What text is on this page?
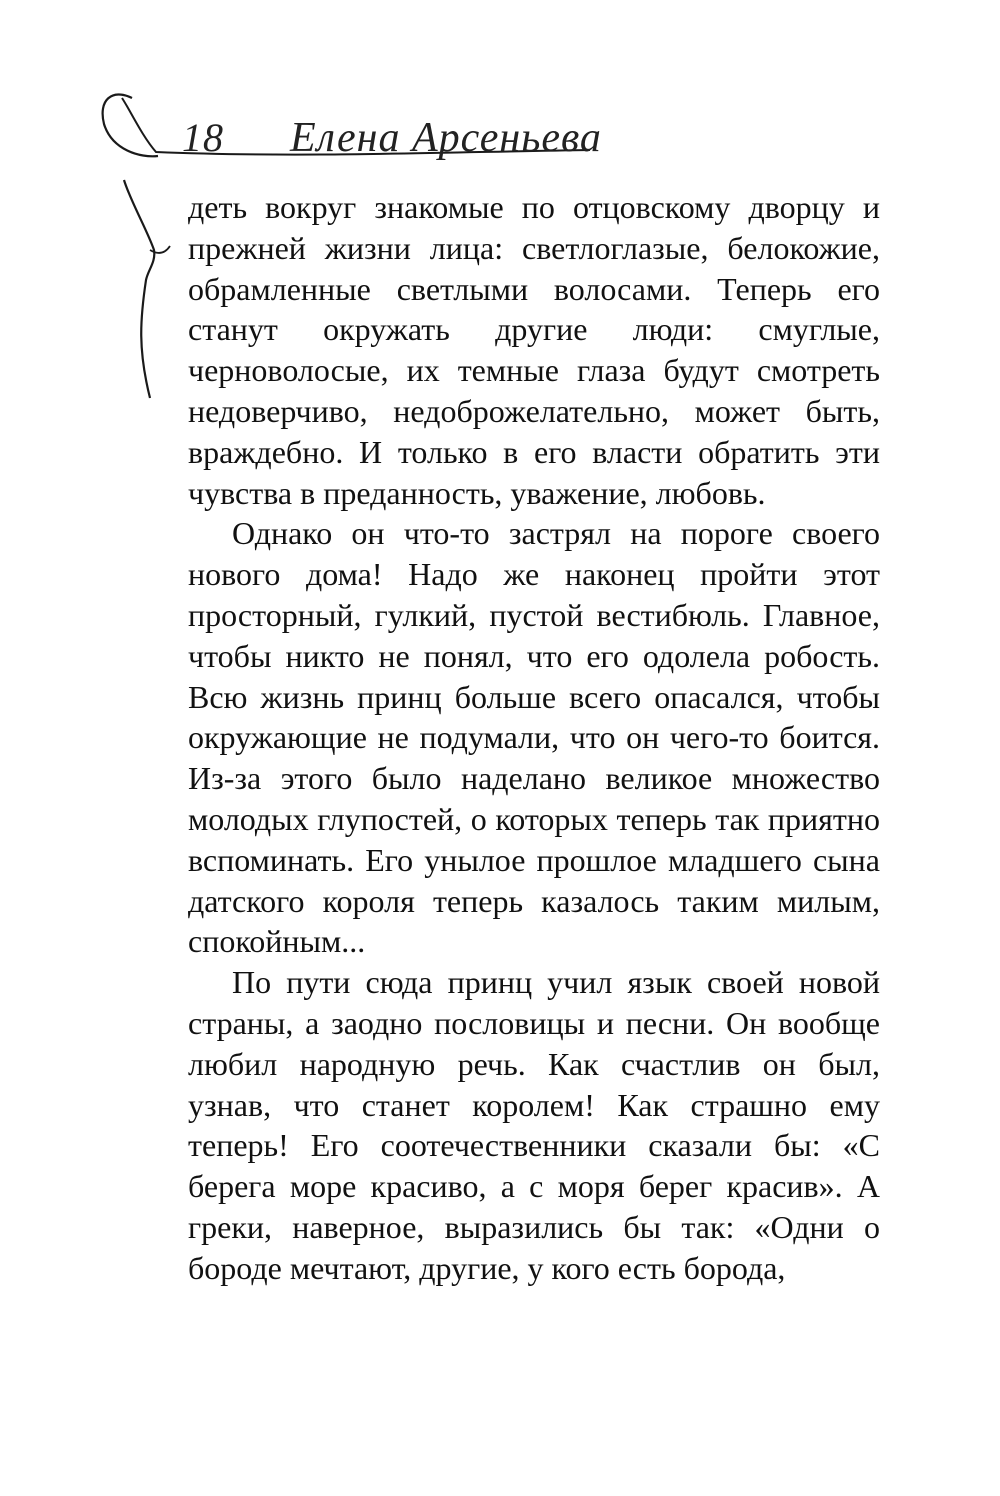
18 Елена Арсеньева

деть вокруг знакомые по отцовскому дворцу и прежней жизни лица: светлоглазые, белокожие, обрамленные светлыми волосами. Теперь его станут окружать другие люди: смуглые, черноволосые, их темные глаза будут смотреть недоверчиво, недоброжелательно, может быть, враждебно. И только в его власти обратить эти чувства в преданность, уважение, любовь.

Однако он что-то застрял на пороге своего нового дома! Надо же наконец пройти этот просторный, гулкий, пустой вестибюль. Главное, чтобы никто не понял, что его одолела робость. Всю жизнь принц больше всего опасался, чтобы окружающие не подумали, что он чего-то боится. Из-за этого было наделано великое множество молодых глупостей, о которых теперь так приятно вспоминать. Его унылое прошлое младшего сына датского короля теперь казалось таким милым, спокойным...

По пути сюда принц учил язык своей новой страны, а заодно пословицы и песни. Он вообще любил народную речь. Как счастлив он был, узнав, что станет королем! Как страшно ему теперь! Его соотечественники сказали бы: «С берега море красиво, а с моря берег красив». А греки, наверное, выразились бы так: «Одни о бороде мечтают, другие, у кого есть борода,
